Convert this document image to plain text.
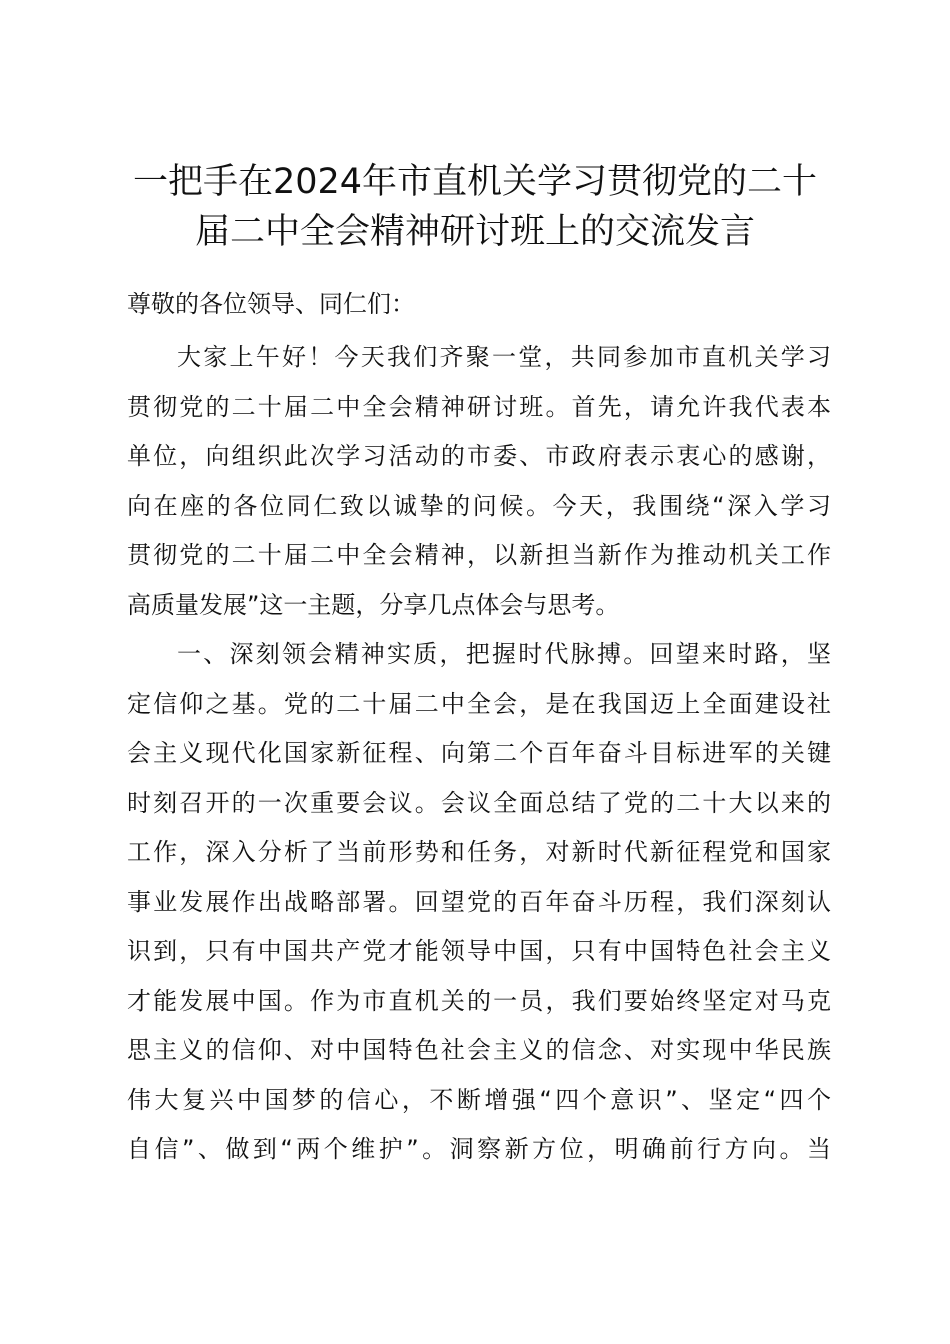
一把手在2024年市直机关学习贯彻党的二十
届二中全会精神研讨班上的交流发言

尊敬的各位领导、同仁们：

大家上午好！今天我们齐聚一堂，共同参加市直机关学习
贯彻党的二十届二中全会精神研讨班。首先，请允许我代表本
单位，向组织此次学习活动的市委、市政府表示衷心的感谢，
向在座的各位同仁致以诚挚的问候。今天，我围绕“深入学习
贯彻党的二十届二中全会精神，以新担当新作为推动机关工作
高质量发展”这一主题，分享几点体会与思考。

一、深刻领会精神实质，把握时代脉搏。回望来时路，坚
定信仰之基。党的二十届二中全会，是在我国迈上全面建设社
会主义现代化国家新征程、向第二个百年奋斗目标进军的关键
时刻召开的一次重要会议。会议全面总结了党的二十大以来的
工作，深入分析了当前形势和任务，对新时代新征程党和国家
事业发展作出战略部署。回望党的百年奋斗历程，我们深刻认
识到，只有中国共产党才能领导中国，只有中国特色社会主义
才能发展中国。作为市直机关的一员，我们要始终坚定对马克
思主义的信仰、对中国特色社会主义的信念、对实现中华民族
伟大复兴中国梦的信心，不断增强“四个意识”、坚定“四个
自信”、做到“两个维护”。洞察新方位，明确前行方向。当
